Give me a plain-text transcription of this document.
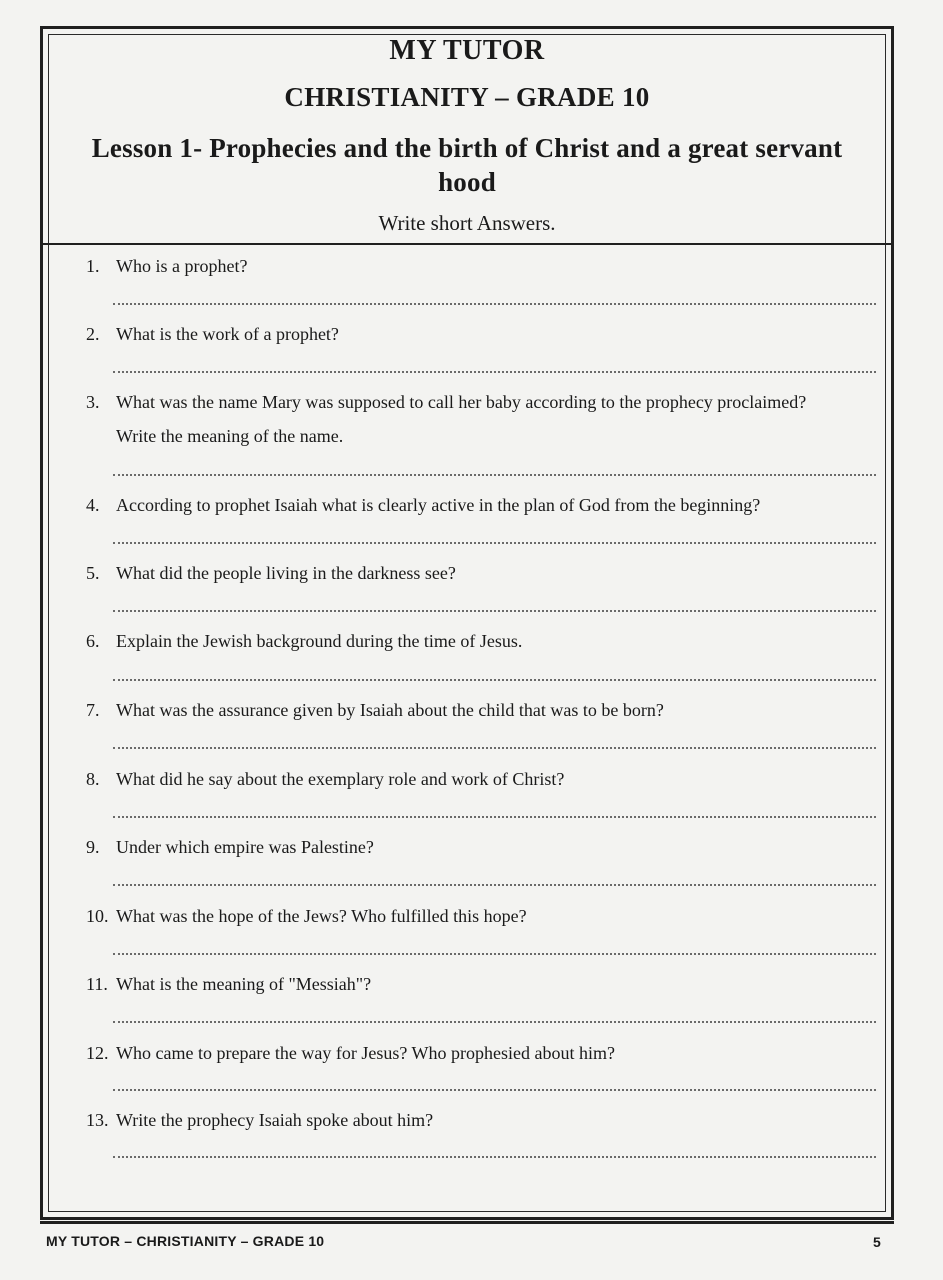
MY TUTOR
CHRISTIANITY – GRADE 10
Lesson 1- Prophecies and the birth of Christ and a great servant
hood
Write short Answers.
1. Who is a prophet?
2. What is the work of a prophet?
3. What was the name Mary was supposed to call her baby according to the prophecy proclaimed?
Write the meaning of the name.
4. According to prophet Isaiah what is clearly active in the plan of God from the beginning?
5. What did the people living in the darkness see?
6. Explain the Jewish background during the time of Jesus.
7. What was the assurance given by Isaiah about the child that was to be born?
8. What did he say about the exemplary role and work of Christ?
9. Under which empire was Palestine?
10. What was the hope of the Jews? Who fulfilled this hope?
11. What is the meaning of "Messiah"?
12. Who came to prepare the way for Jesus? Who prophesied about him?
13. Write the prophecy Isaiah spoke about him?
MY TUTOR – CHRISTIANITY – GRADE 10	5
